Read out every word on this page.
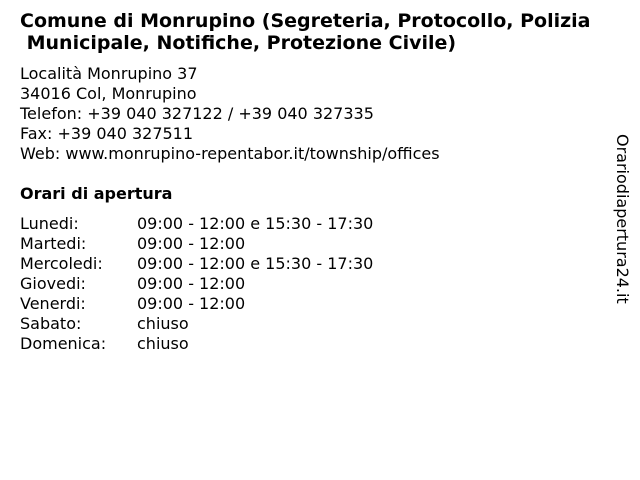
Comune di Monrupino (Segreteria, Protocollo, Polizia
Municipale, Notifiche, Protezione Civile)
Località Monrupino 37
34016 Col, Monrupino
Telefon: +39 040 327122 / +39 040 327335
Fax: +39 040 327511
Web: www.monrupino-repentabor.it/township/offices
Orari di apertura
Lunedi:	09:00 - 12:00 e 15:30 - 17:30
Martedi:	09:00 - 12:00
Mercoledi:	09:00 - 12:00 e 15:30 - 17:30
Giovedi:	09:00 - 12:00
Venerdi:	09:00 - 12:00
Sabato:	chiuso
Domenica:	chiuso
Orariodiapertura24.it
